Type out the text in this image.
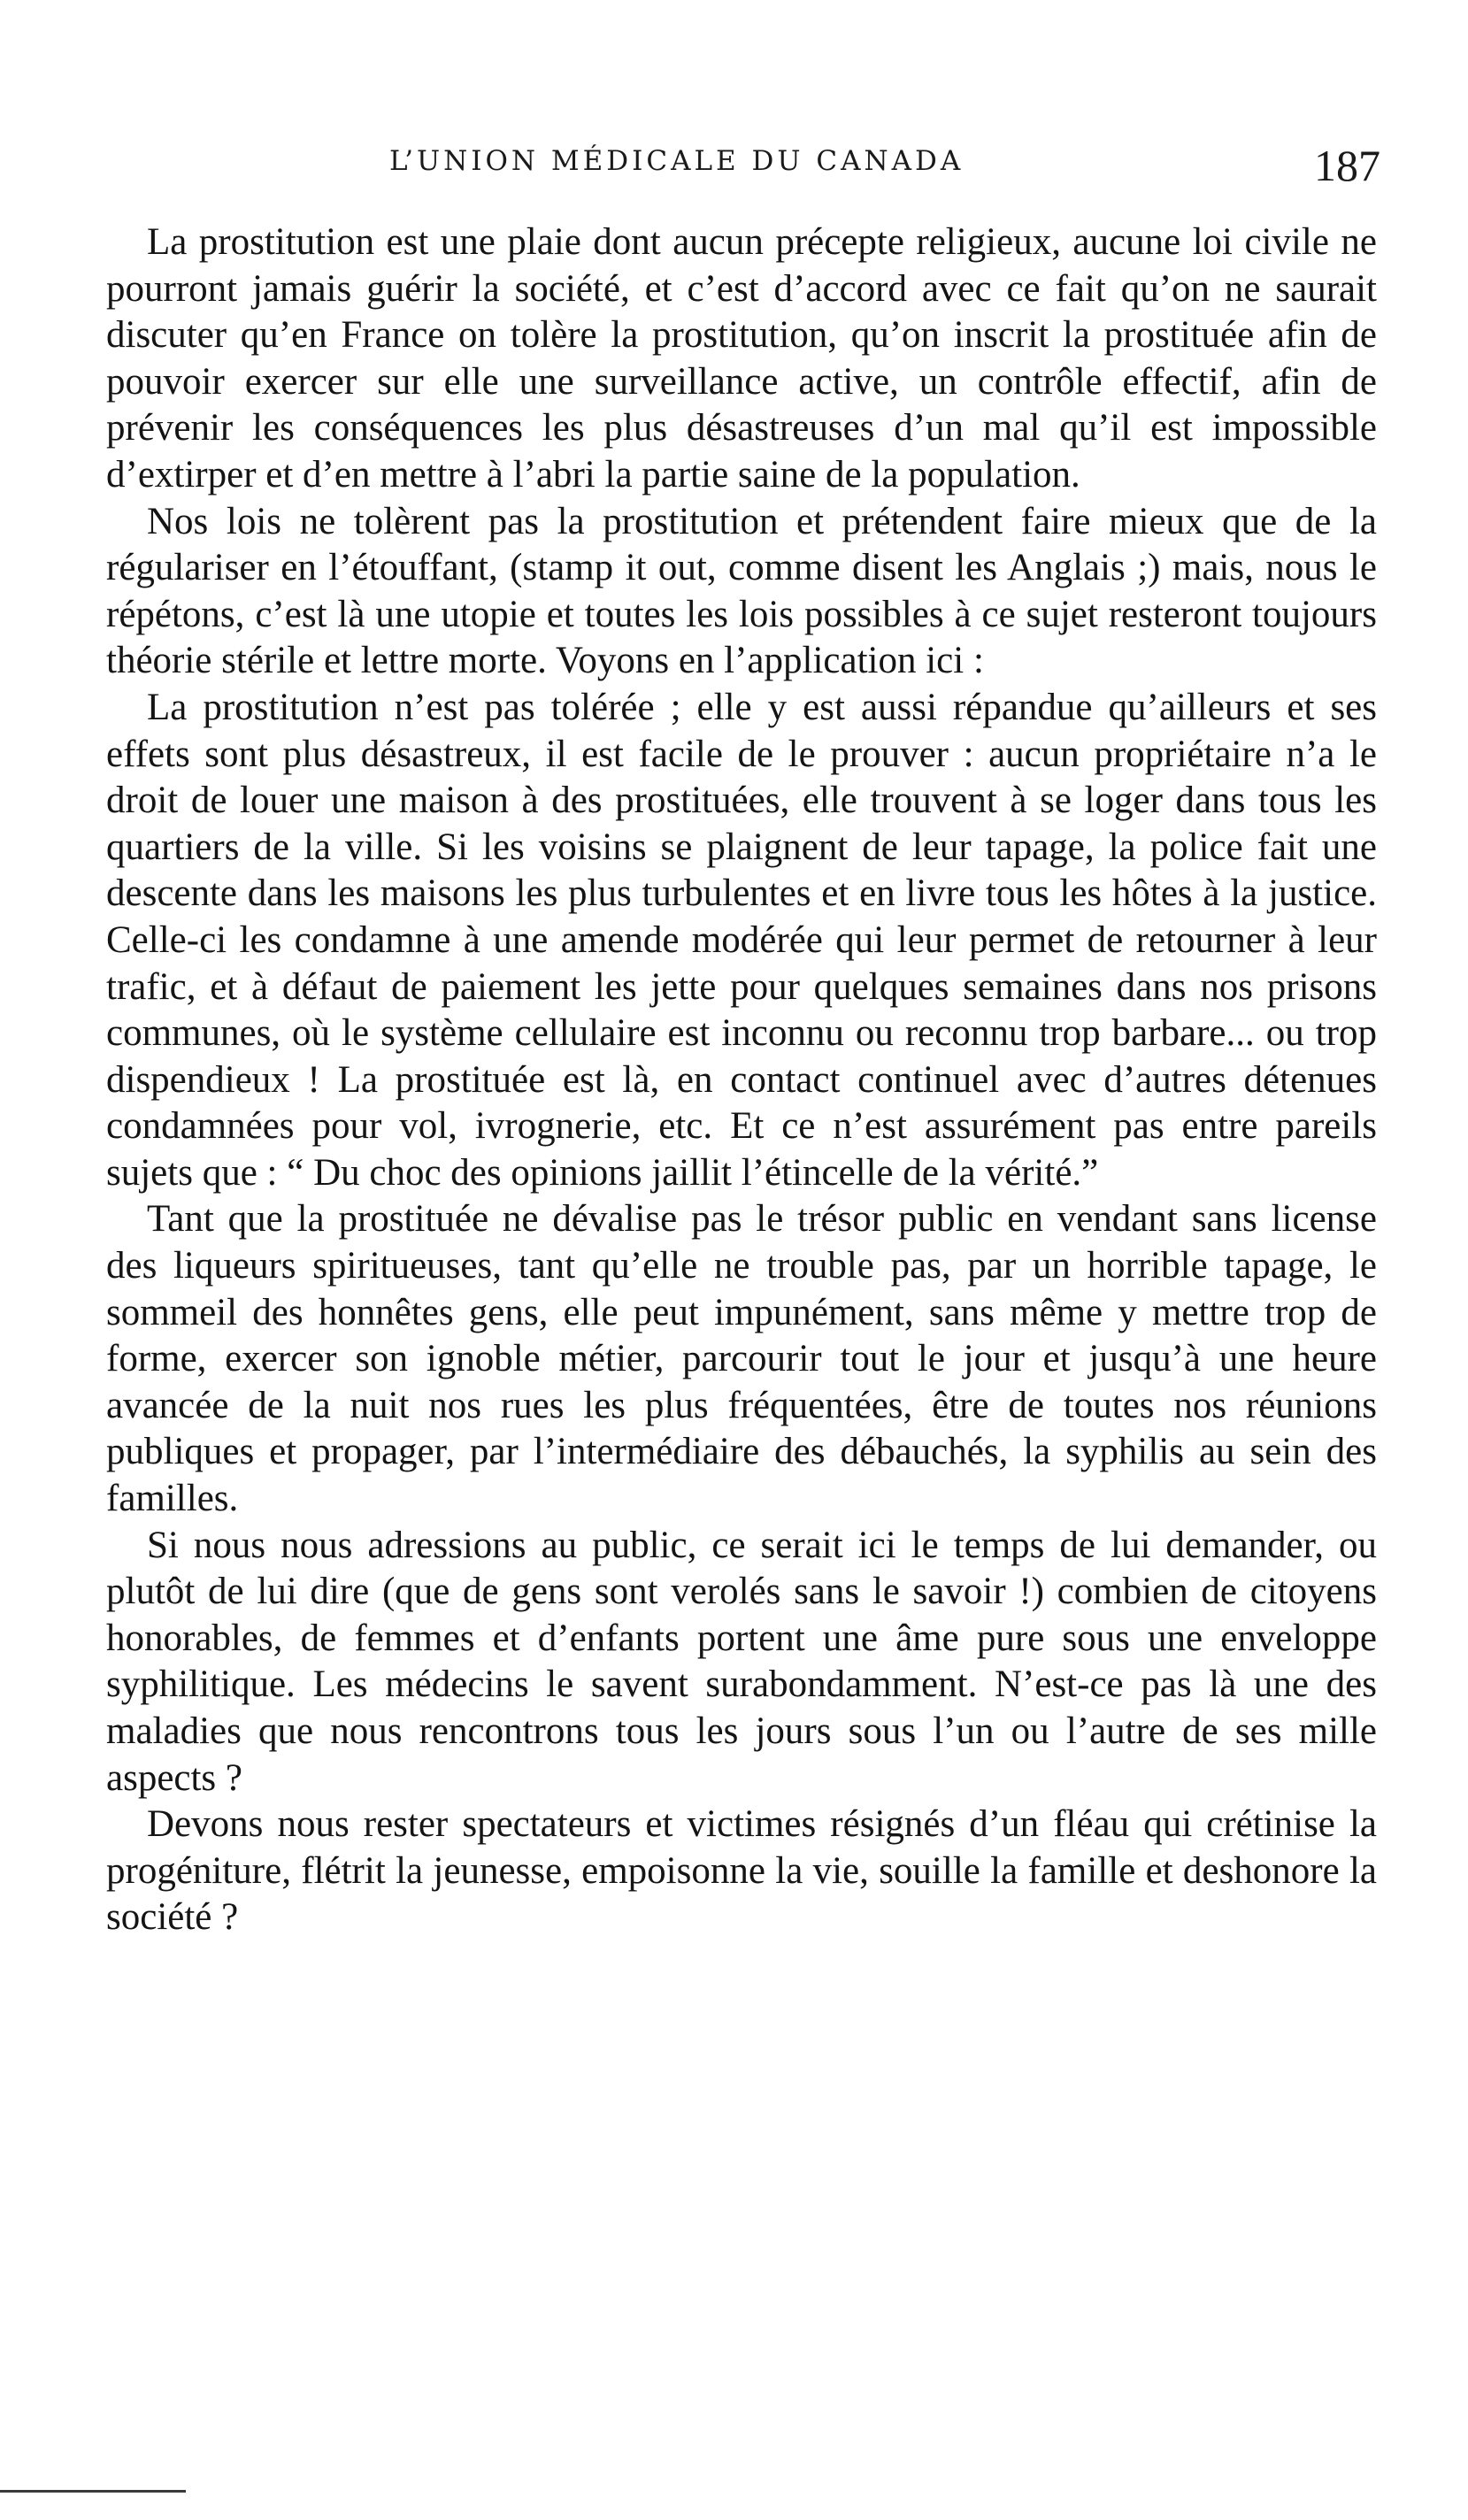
L’UNION MÉDICALE DU CANADA	187

La prostitution est une plaie dont aucun précepte religieux, aucune loi civile ne pourront jamais guérir la société, et c’est d’accord avec ce fait qu’on ne saurait discuter qu’en France on tolère la prostitution, qu’on inscrit la prostituée afin de pouvoir exercer sur elle une surveillance active, un contrôle effectif, afin de prévenir les conséquences les plus désastreuses d’un mal qu’il est impossible d’extirper et d’en mettre à l’abri la partie saine de la population.

Nos lois ne tolèrent pas la prostitution et prétendent faire mieux que de la régulariser en l’étouffant, (stamp it out, comme disent les Anglais ;) mais, nous le répétons, c’est là une utopie et toutes les lois possibles à ce sujet resteront toujours théorie stérile et lettre morte. Voyons en l’application ici :

La prostitution n’est pas tolérée ; elle y est aussi répandue qu’ailleurs et ses effets sont plus désastreux, il est facile de le prouver : aucun propriétaire n’a le droit de louer une maison à des prostituées, elle trouvent à se loger dans tous les quartiers de la ville. Si les voisins se plaignent de leur tapage, la police fait une descente dans les maisons les plus turbulentes et en livre tous les hôtes à la justice. Celle-ci les condamne à une amende modérée qui leur permet de retourner à leur trafic, et à défaut de paiement les jette pour quelques semaines dans nos prisons communes, où le système cellulaire est inconnu ou reconnu trop barbare... ou trop dispendieux ! La prostituée est là, en contact continuel avec d’autres détenues condamnées pour vol, ivrognerie, etc. Et ce n’est assurément pas entre pareils sujets que : “ Du choc des opinions jaillit l’étincelle de la vérité.”

Tant que la prostituée ne dévalise pas le trésor public en vendant sans license des liqueurs spiritueuses, tant qu’elle ne trouble pas, par un horrible tapage, le sommeil des honnêtes gens, elle peut impunément, sans même y mettre trop de forme, exercer son ignoble métier, parcourir tout le jour et jusqu’à une heure avancée de la nuit nos rues les plus fréquentées, être de toutes nos réunions publiques et propager, par l’intermédiaire des débauchés, la syphilis au sein des familles.

Si nous nous adressions au public, ce serait ici le temps de lui demander, ou plutôt de lui dire (que de gens sont verolés sans le savoir !) combien de citoyens honorables, de femmes et d’enfants portent une âme pure sous une enveloppe syphilitique. Les médecins le savent surabondamment. N’est-ce pas là une des maladies que nous rencontrons tous les jours sous l’un ou l’autre de ses mille aspects ?

Devons nous rester spectateurs et victimes résignés d’un fléau qui crétinise la progéniture, flétrit la jeunesse, empoisonne la vie, souille la famille et deshonore la société ?
